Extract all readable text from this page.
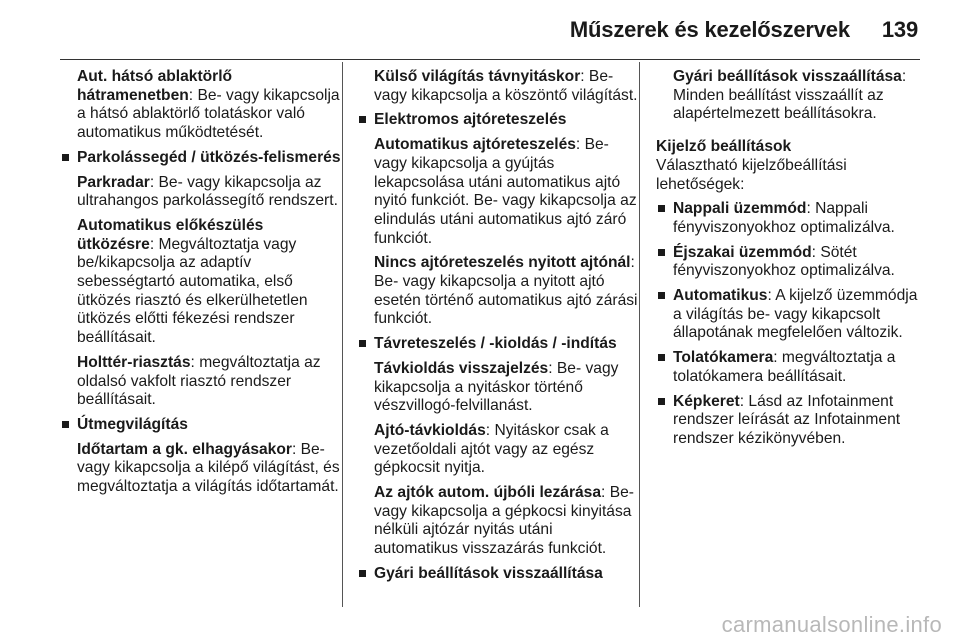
Műszerek és kezelőszervek 139
Aut. hátsó ablaktörlő hátramenetben: Be- vagy kikapcsolja a hátsó ablaktörlő tolatáskor való automatikus működtetését.
Parkolássegéd / ütközés-felismerés
Parkradar: Be- vagy kikapcsolja az ultrahangos parkolássegítő rendszert.
Automatikus előkészülés ütközésre: Megváltoztatja vagy be/kikapcsolja az adaptív sebességtartó automatika, első ütközés riasztó és elkerülhetetlen ütközés előtti fékezési rendszer beállításait.
Holttér-riasztás: megváltoztatja az oldalsó vakfolt riasztó rendszer beállításait.
Útmegvilágítás
Időtartam a gk. elhagyásakor: Be- vagy kikapcsolja a kilépő világítást, és megváltoztatja a világítás időtartamát.
Külső világítás távnyitáskor: Be- vagy kikapcsolja a köszöntő világítást.
Elektromos ajtóreteszelés
Automatikus ajtóreteszelés: Be- vagy kikapcsolja a gyújtás lekapcsolása utáni automatikus ajtó nyitó funkciót. Be- vagy kikapcsolja az elindulás utáni automatikus ajtó záró funkciót.
Nincs ajtóreteszelés nyitott ajtónál: Be- vagy kikapcsolja a nyitott ajtó esetén történő automatikus ajtó zárási funkciót.
Távreteszelés / -kioldás / -indítás
Távkioldás visszajelzés: Be- vagy kikapcsolja a nyitáskor történő vészvillogó-felvillanást.
Ajtó-távkioldás: Nyitáskor csak a vezetőoldali ajtót vagy az egész gépkocsit nyitja.
Az ajtók autom. újbóli lezárása: Be- vagy kikapcsolja a gépkocsi kinyitása nélküli ajtózár nyitás utáni automatikus visszazárás funkciót.
Gyári beállítások visszaállítása
Gyári beállítások visszaállítása: Minden beállítást visszaállít az alapértelmezett beállításokra.
Kijelző beállítások
Választható kijelzőbeállítási lehetőségek:
Nappali üzemmód: Nappali fényviszonyokhoz optimalizálva.
Éjszakai üzemmód: Sötét fényviszonyokhoz optimalizálva.
Automatikus: A kijelző üzemmódja a világítás be- vagy kikapcsolt állapotának megfelelően változik.
Tolatókamera: megváltoztatja a tolatókamera beállításait.
Képkeret: Lásd az Infotainment rendszer leírását az Infotainment rendszer kézikönyvében.
carmanualsonline.info
